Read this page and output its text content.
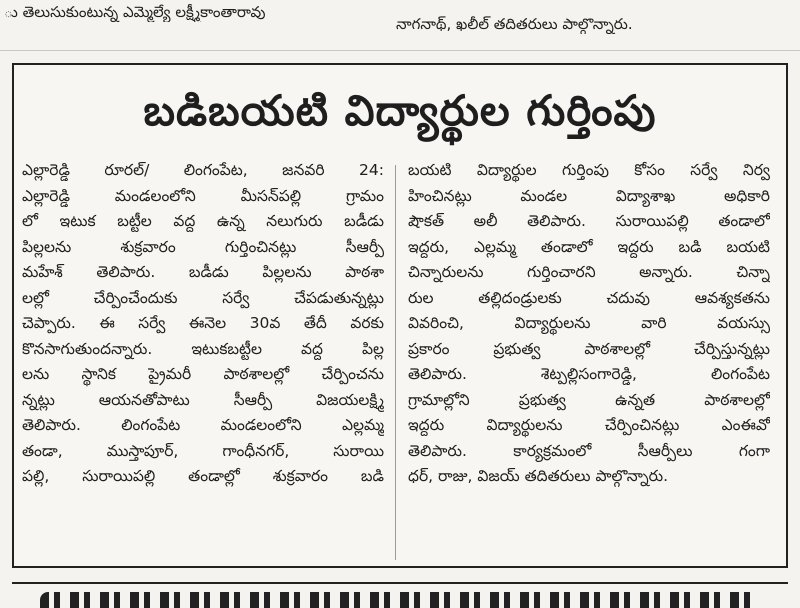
ు తెలుసుకుంటున్న ఎమ్మెల్యే లక్ష్మీకాంతారావు
నాగనాథ్‌, ఖలీల్‌ తదితరులు పాల్గొన్నారు.
బడిబయటి విద్యార్థుల గుర్తింపు
ఎల్లారెడ్డి రూరల్‌/ లింగంపేట, జనవరి 24:
ఎల్లారెడ్డి మండలంలోని మీసన్‌పల్లి గ్రామం
లో ఇటుక బట్టీల వద్ద ఉన్న నలుగురు బడీడు
పిల్లలను శుక్రవారం గుర్తించినట్లు సీఆర్పీ
మహేశ్‌ తెలిపారు. బడీడు పిల్లలను పాఠశా
లల్లో చేర్పించేందుకు సర్వే చేపడుతున్నట్లు
చెప్పారు. ఈ సర్వే ఈనెల 30వ తేదీ వరకు
కొనసాగుతుందన్నారు. ఇటుకబట్టీల వద్ద పిల్ల
లను స్థానిక ప్రైమరీ పాఠశాలల్లో చేర్పించను
న్నట్లు ఆయనతోపాటు సీఆర్పీ విజయలక్ష్మి
తెలిపారు. లింగంపేట మండలంలోని ఎల్లమ్మ
తండా, ముస్తాపూర్‌, గాంధీనగర్‌, సురాయి
పల్లి, సురాయిపల్లి తండాల్లో శుక్రవారం బడి
బయటి విద్యార్థుల గుర్తింపు కోసం సర్వే నిర్వ
హించినట్లు మండల విద్యాశాఖ అధికారి
షౌకత్‌ అలీ తెలిపారు. సురాయిపల్లి తండాలో
ఇద్దరు, ఎల్లమ్మ తండాలో ఇద్దరు బడి బయటి
చిన్నారులను గుర్తించారని అన్నారు. చిన్నా
రుల తల్లిదండ్రులకు చదువు ఆవశ్యకతను
వివరించి, విద్యార్థులను వారి వయస్సు
ప్రకారం ప్రభుత్వ పాఠశాలల్లో చేర్పిస్తున్నట్లు
తెలిపారు. శెట్పల్లిసంగారెడ్డి, లింగంపేట
గ్రామాల్లోని ప్రభుత్వ ఉన్నత పాఠశాలల్లో
ఇద్దరు విద్యార్థులను చేర్పించినట్లు ఎంఈవో
తెలిపారు. కార్యక్రమంలో సీఆర్పీలు గంగా
ధర్‌, రాజు, విజయ్‌ తదితరులు పాల్గొన్నారు.
